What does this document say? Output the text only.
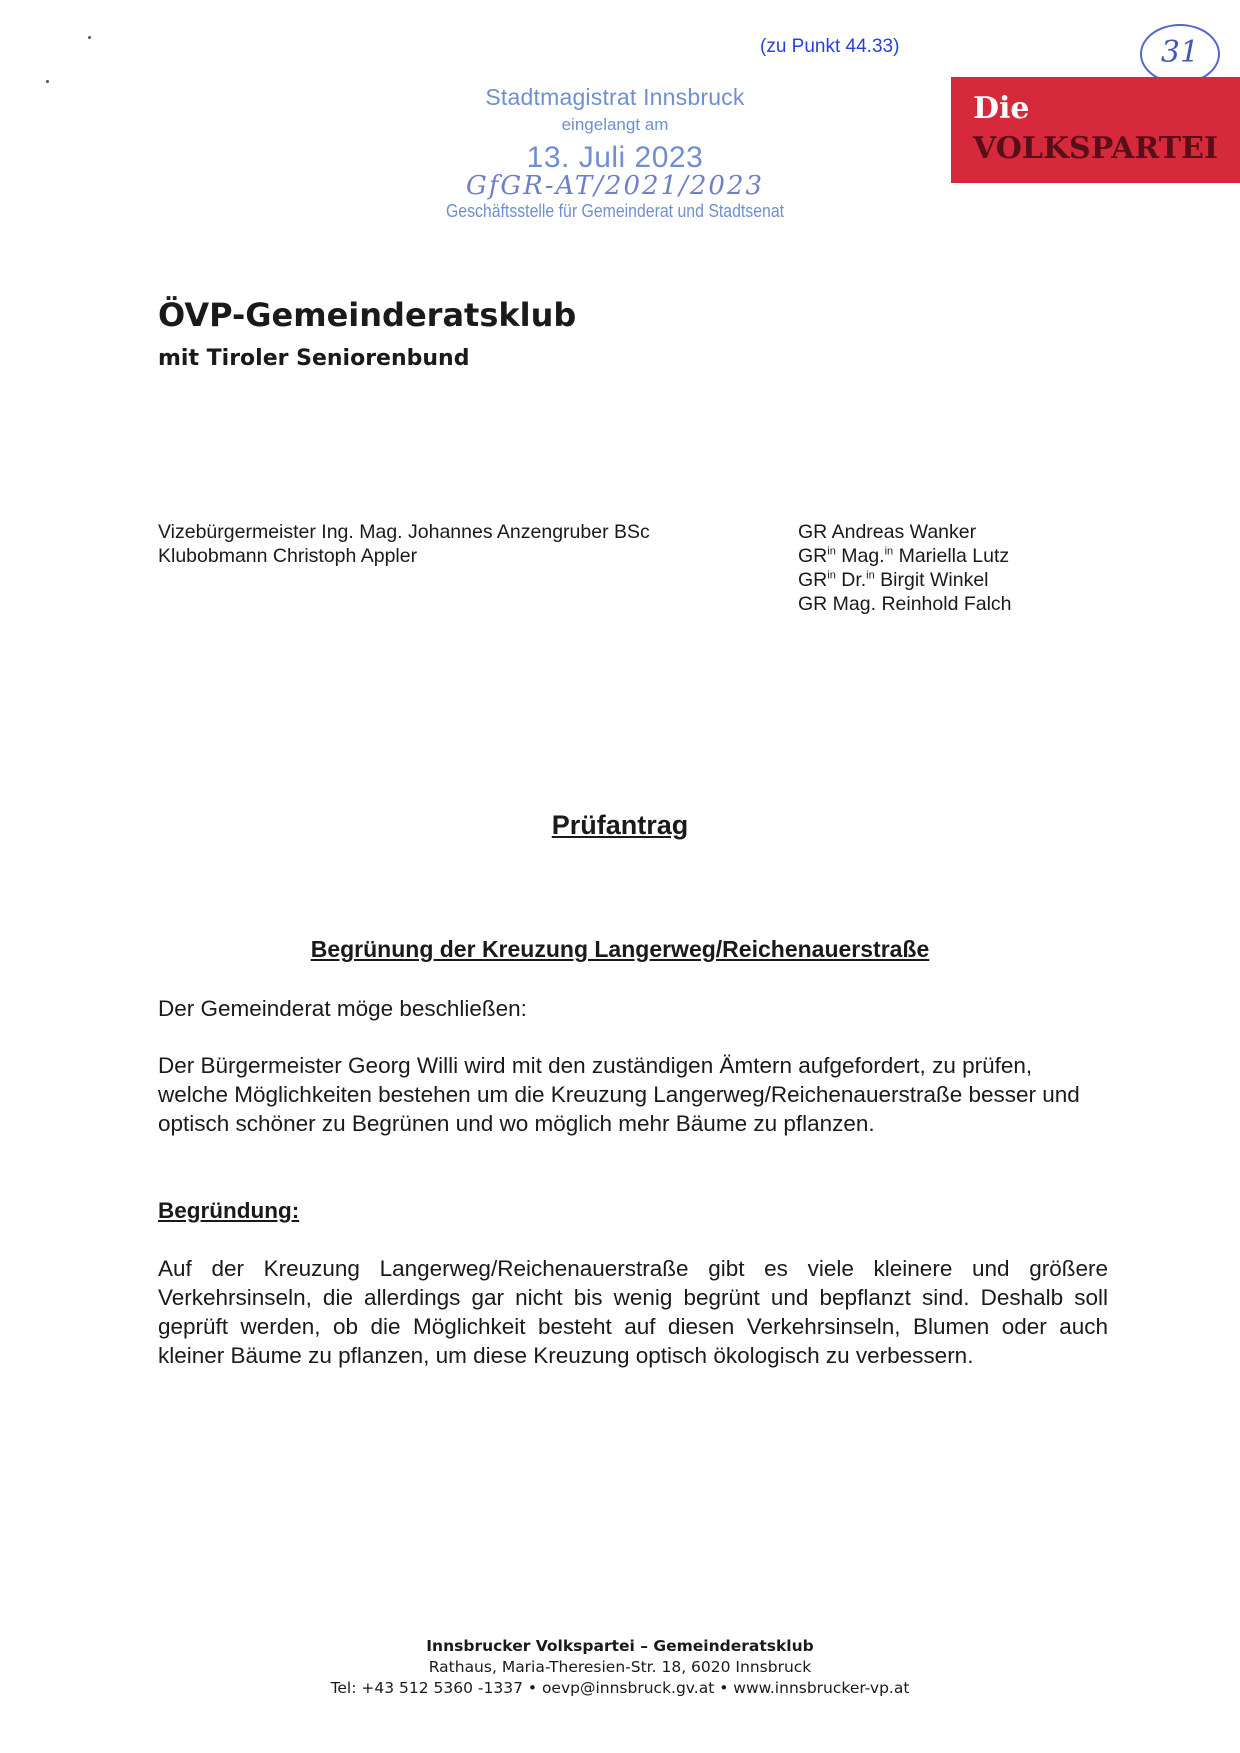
(zu Punkt 44.33)	31
Stadtmagistrat Innsbruck
eingelangt am
13. Juli 2023
GfGR-AT/2021/2023
Geschäftsstelle für Gemeinderat und Stadtsenat
Die
VOLKSPARTEI
ÖVP-Gemeinderatsklub
mit Tiroler Seniorenbund
Vizebürgermeister Ing. Mag. Johannes Anzengruber BSc
Klubobmann Christoph Appler
GR Andreas Wanker
$GR^{in}$ Mag.$^{in}$ Mariella Lutz
$GR^{in}$ Dr.$^{in}$ Birgit Winkel
GR Mag. Reinhold Falch
Prüfantrag
Begrünung der Kreuzung Langerweg/Reichenauerstraße
Der Gemeinderat möge beschließen:
Der Bürgermeister Georg Willi wird mit den zuständigen Ämtern aufgefordert, zu prüfen, welche Möglichkeiten bestehen um die Kreuzung Langerweg/Reichenauerstraße besser und optisch schöner zu Begrünen und wo möglich mehr Bäume zu pflanzen.
Begründung:
Auf der Kreuzung Langerweg/Reichenauerstraße gibt es viele kleinere und größere Verkehrsinseln, die allerdings gar nicht bis wenig begrünt und bepflanzt sind. Deshalb soll geprüft werden, ob die Möglichkeit besteht auf diesen Verkehrsinseln, Blumen oder auch kleiner Bäume zu pflanzen, um diese Kreuzung optisch ökologisch zu verbessern.
Innsbrucker Volkspartei – Gemeinderatsklub
Rathaus, Maria-Theresien-Str. 18, 6020 Innsbruck
Tel: +43 512 5360 -1337 • oevp@innsbruck.gv.at • www.innsbrucker-vp.at
